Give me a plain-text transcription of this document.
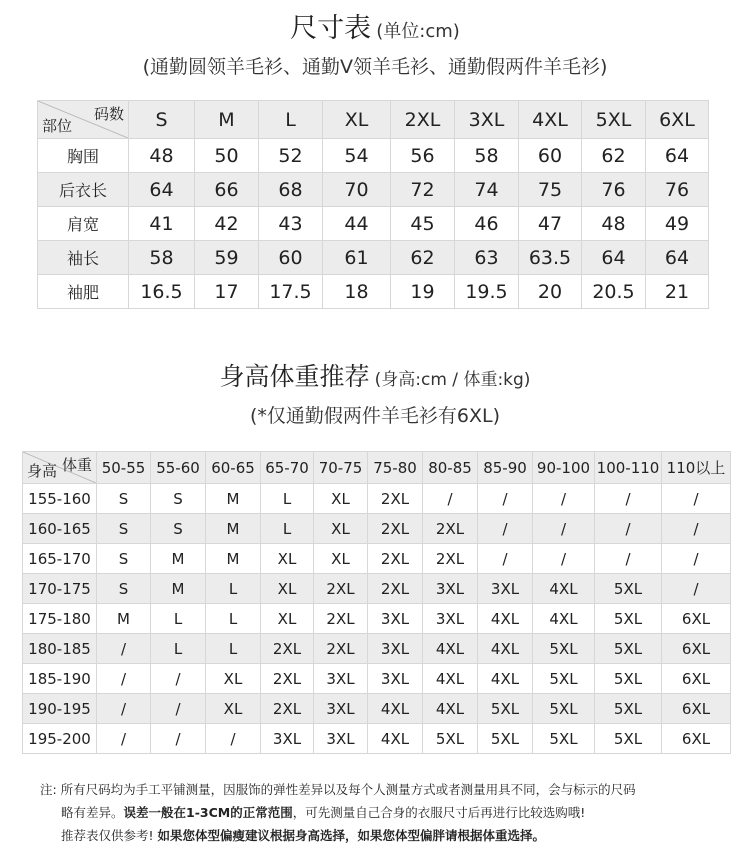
尺寸表 (单位:cm)
(通勤圆领羊毛衫、通勤V领羊毛衫、通勤假两件羊毛衫)
码数
部位	S	M	L	XL	2XL	3XL	4XL	5XL	6XL
胸围	48	50	52	54	56	58	60	62	64
后衣长	64	66	68	70	72	74	75	76	76
肩宽	41	42	43	44	45	46	47	48	49
袖长	58	59	60	61	62	63	63.5	64	64
袖肥	16.5	17	17.5	18	19	19.5	20	20.5	21
身高体重推荐 (身高:cm / 体重:kg)
(*仅通勤假两件羊毛衫有6XL)
体重
身高	50-55	55-60	60-65	65-70	70-75	75-80	80-85	85-90	90-100	100-110	110以上
155-160	S	S	M	L	XL	2XL	/	/	/	/	/
160-165	S	S	M	L	XL	2XL	2XL	/	/	/	/
165-170	S	M	M	XL	XL	2XL	2XL	/	/	/	/
170-175	S	M	L	XL	2XL	2XL	3XL	3XL	4XL	5XL	/
175-180	M	L	L	XL	2XL	3XL	3XL	4XL	4XL	5XL	6XL
180-185	/	L	L	2XL	2XL	3XL	4XL	4XL	5XL	5XL	6XL
185-190	/	/	XL	2XL	3XL	3XL	4XL	4XL	5XL	5XL	6XL
190-195	/	/	XL	2XL	3XL	4XL	4XL	5XL	5XL	5XL	6XL
195-200	/	/	/	3XL	3XL	4XL	5XL	5XL	5XL	5XL	6XL

注: 所有尺码均为手工平铺测量，因服饰的弹性差异以及每个人测量方式或者测量用具不同，会与标示的尺码

略有差异。误差一般在1-3CM的正常范围，可先测量自己合身的衣服尺寸后再进行比较选购哦!

推荐表仅供参考! 如果您体型偏瘦建议根据身高选择，如果您体型偏胖请根据体重选择。
